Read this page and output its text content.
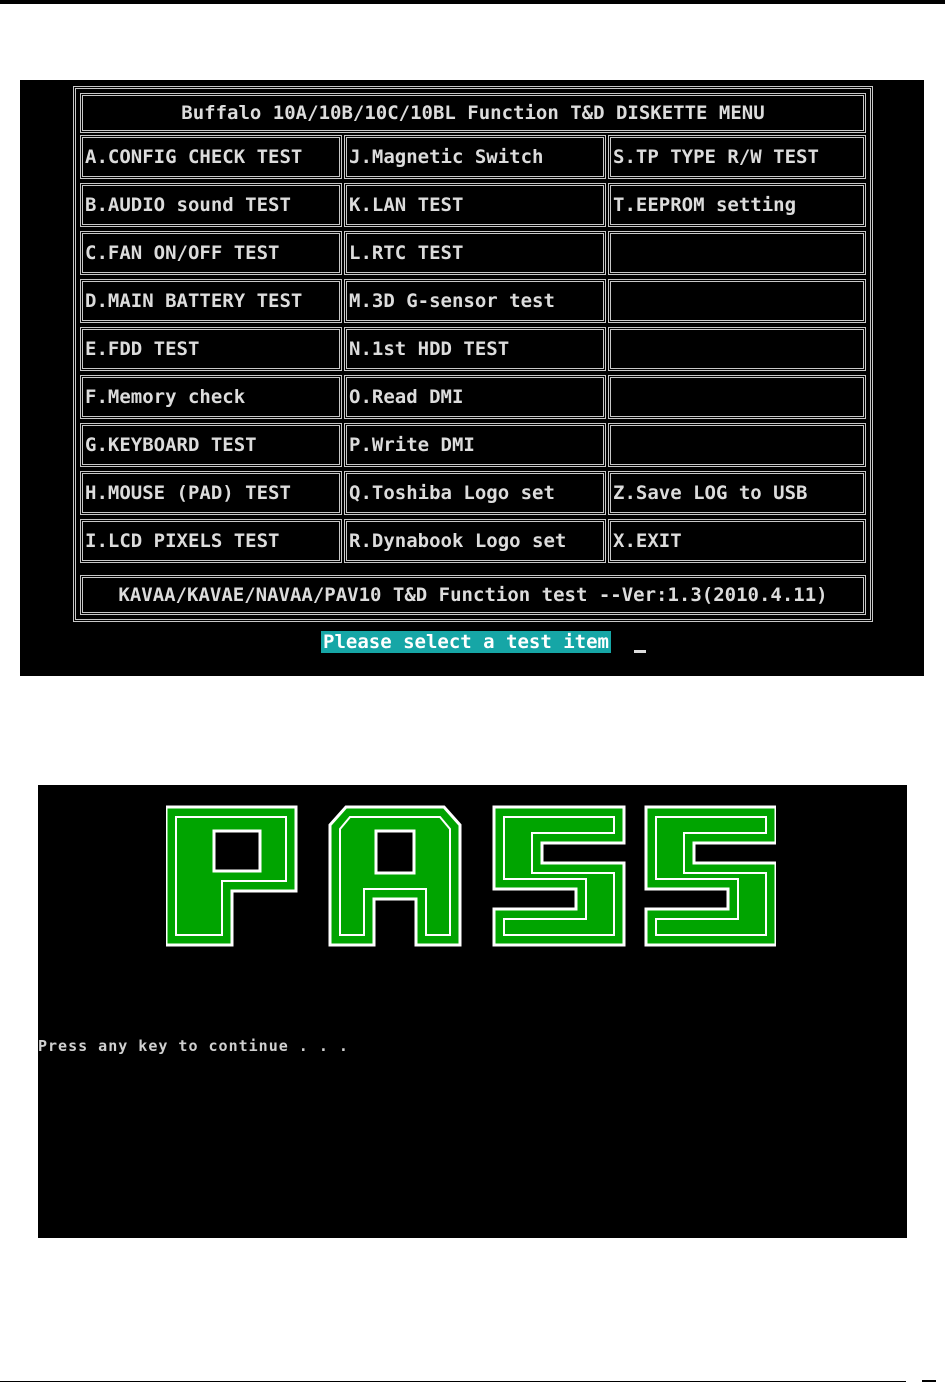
Buffalo 10A/10B/10C/10BL Function T&D DISKETTE MENU
A.CONFIG CHECK TEST
B.AUDIO sound TEST
C.FAN ON/OFF TEST
D.MAIN BATTERY TEST
E.FDD TEST
F.Memory check
G.KEYBOARD TEST
H.MOUSE (PAD) TEST
I.LCD PIXELS TEST
J.Magnetic Switch
K.LAN TEST
L.RTC TEST
M.3D G-sensor test
N.1st HDD TEST
O.Read DMI
P.Write DMI
Q.Toshiba Logo set
R.Dynabook Logo set
S.TP TYPE R/W TEST
T.EEPROM setting
Z.Save LOG to USB
X.EXIT
KAVAA/KAVAE/NAVAA/PAV10 T&D Function test --Ver:1.3(2010.4.11)
Please select a test item
Press any key to continue . . .
